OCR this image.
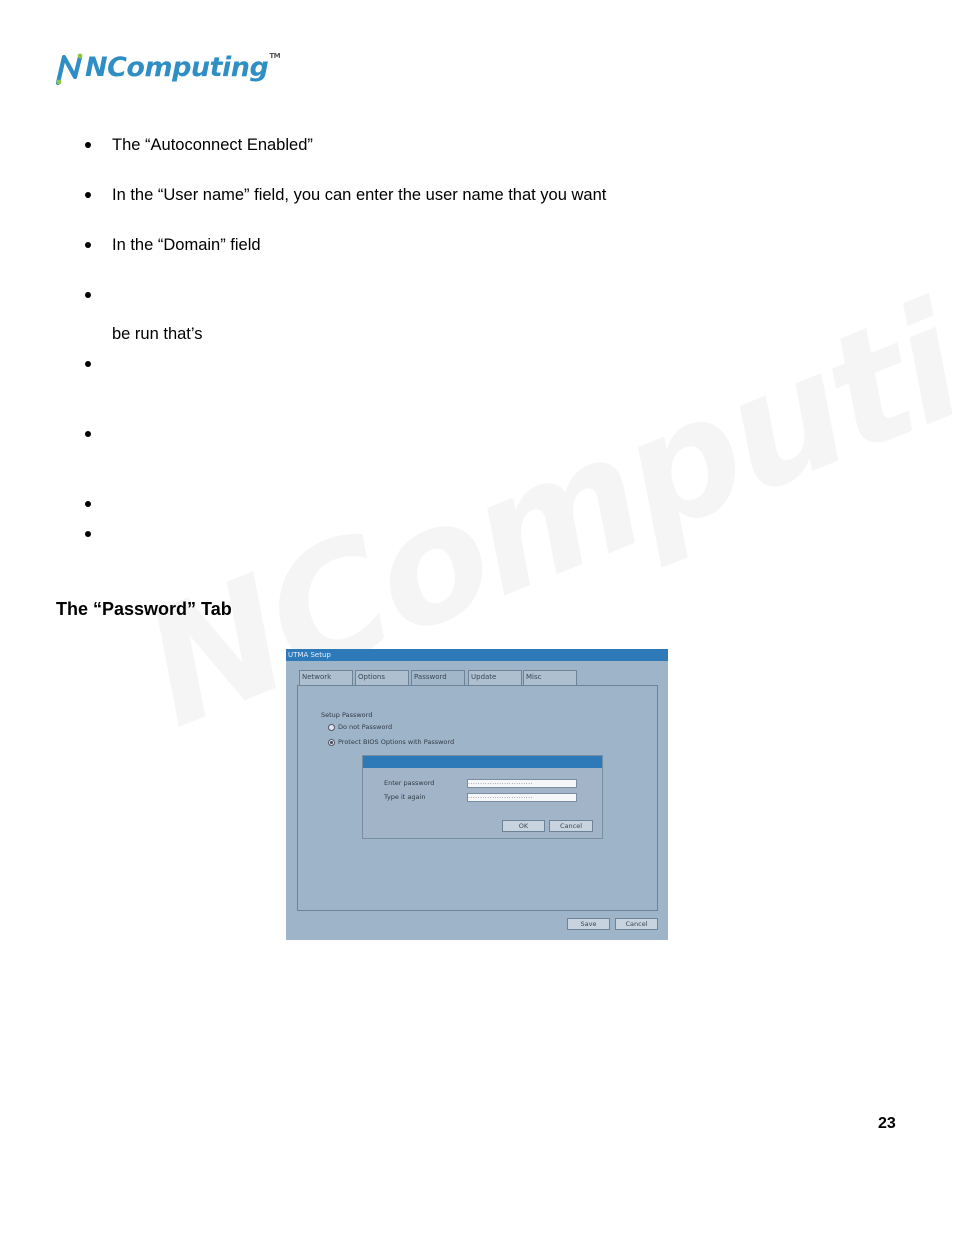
NComputing™
The “Autoconnect Enabled”
In the “User name” field, you can enter the user name that you want
In the “Domain” field
be run that’s
The “Password” Tab
UTMA Setup
Network	Options	Password	Update	Misc
Setup Password
Do not Password
Protect BIOS Options with Password
Enter password	...........................
Type it again	...........................
OK	Cancel
Save	Cancel
23
